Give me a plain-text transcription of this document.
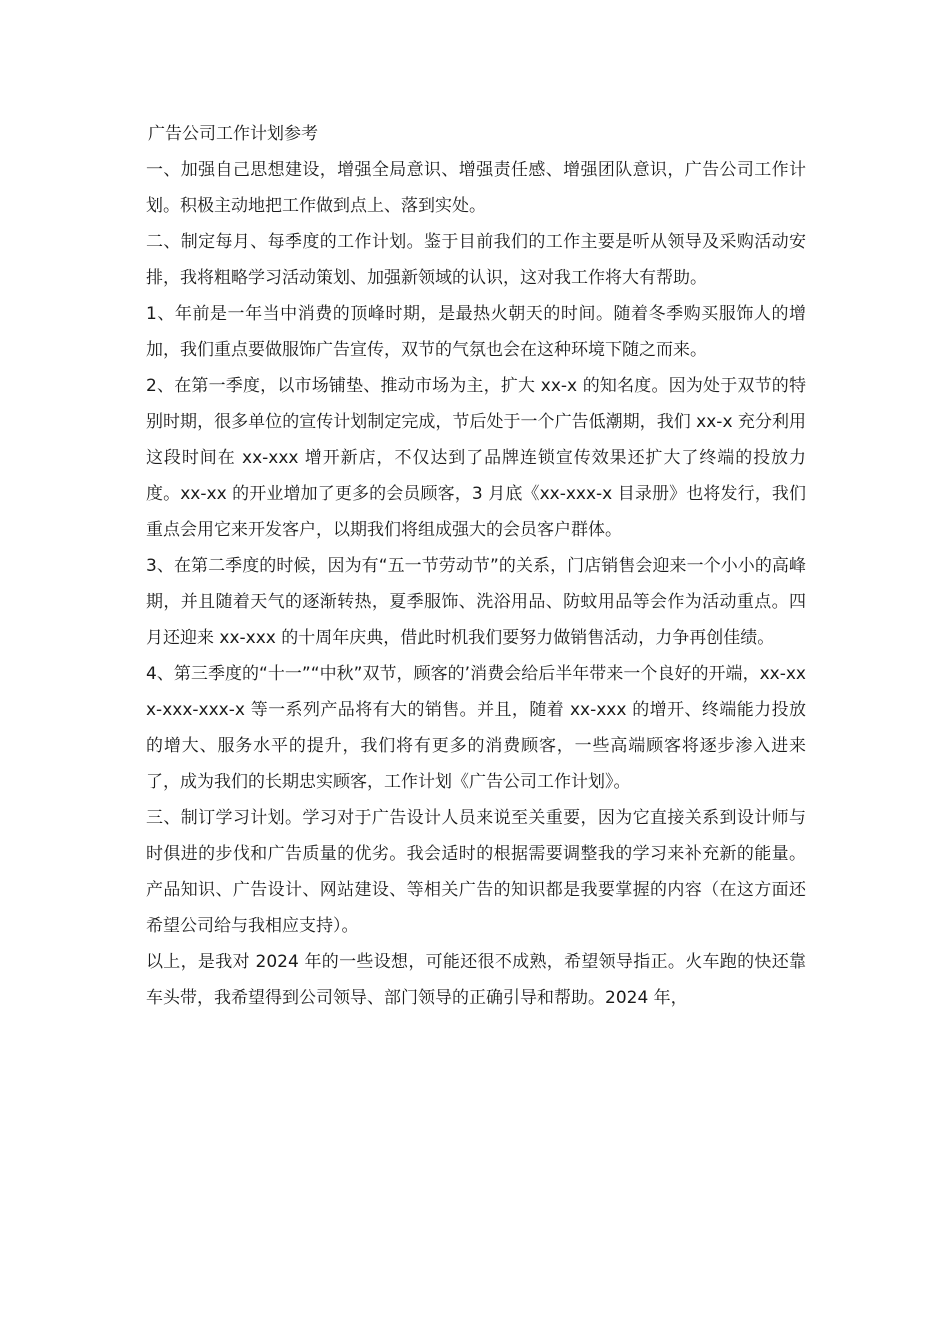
广告公司工作计划参考

一、加强自己思想建设，增强全局意识、增强责任感、增强团队意识，广告公司工作计划。积极主动地把工作做到点上、落到实处。

二、制定每月、每季度的工作计划。鉴于目前我们的工作主要是听从领导及采购活动安排，我将粗略学习活动策划、加强新领域的认识，这对我工作将大有帮助。

1、年前是一年当中消费的顶峰时期，是最热火朝天的时间。随着冬季购买服饰人的增加，我们重点要做服饰广告宣传，双节的气氛也会在这种环境下随之而来。

2、在第一季度，以市场铺垫、推动市场为主，扩大 xx-x 的知名度。因为处于双节的特别时期，很多单位的宣传计划制定完成，节后处于一个广告低潮期，我们 xx-x 充分利用这段时间在 xx-xxx 增开新店，不仅达到了品牌连锁宣传效果还扩大了终端的投放力度。xx-xx 的开业增加了更多的会员顾客，3 月底《xx-xxx-x 目录册》也将发行，我们重点会用它来开发客户，以期我们将组成强大的会员客户群体。

3、在第二季度的时候，因为有“五一节劳动节”的关系，门店销售会迎来一个小小的高峰期，并且随着天气的逐渐转热，夏季服饰、洗浴用品、防蚊用品等会作为活动重点。四月还迎来 xx-xxx 的十周年庆典，借此时机我们要努力做销售活动，力争再创佳绩。

4、第三季度的“十一”“中秋”双节，顾客的’消费会给后半年带来一个良好的开端，xx-xxx-xxx-xxx-x 等一系列产品将有大的销售。并且，随着 xx-xxx 的增开、终端能力投放的增大、服务水平的提升，我们将有更多的消费顾客，一些高端顾客将逐步渗入进来了，成为我们的长期忠实顾客，工作计划《广告公司工作计划》。

三、制订学习计划。学习对于广告设计人员来说至关重要，因为它直接关系到设计师与时俱进的步伐和广告质量的优劣。我会适时的根据需要调整我的学习来补充新的能量。产品知识、广告设计、网站建设、等相关广告的知识都是我要掌握的内容（在这方面还希望公司给与我相应支持）。

以上，是我对 2024 年的一些设想，可能还很不成熟，希望领导指正。火车跑的快还靠车头带，我希望得到公司领导、部门领导的正确引导和帮助。2024 年，
